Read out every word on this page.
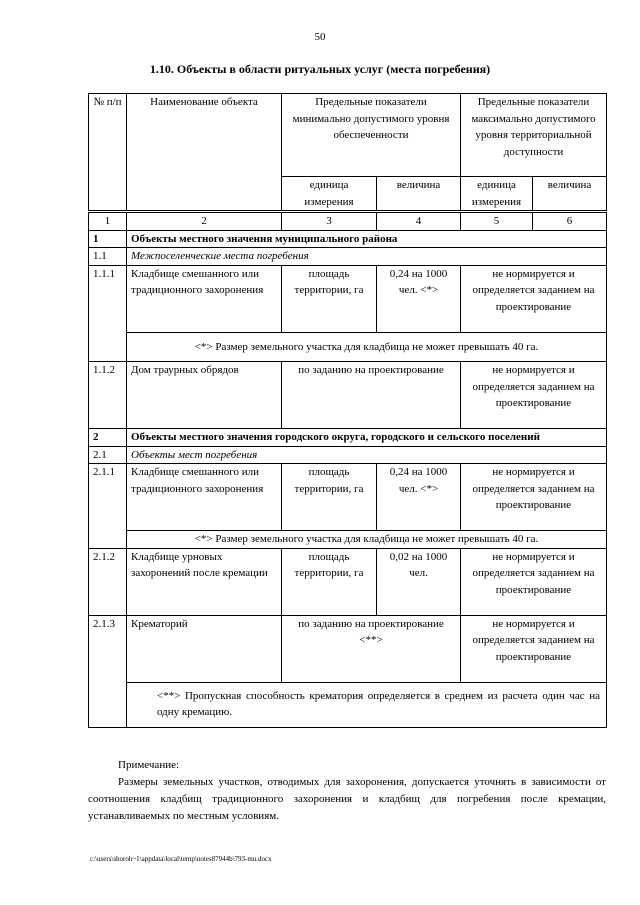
50
1.10. Объекты в области ритуальных услуг (места погребения)
№ п/п	Наименование объекта	Предельные показатели минимально допустимого уровня обеспеченности		Предельные показатели максимально допустимого уровня территориальной доступности	
		единица измерения	величина	единица измерения	величина
1	2	3	4	5	6
1	Объекты местного значения муниципального района				
1.1	Межпоселенческие места погребения				
1.1.1	Кладбище смешанного или традиционного захоронения	площадь территории, га	0,24 на 1000 чел. <*>	не нормируется и определяется заданием на проектирование	
	<*> Размер земельного участка для кладбища не может превышать 40 га.				
1.1.2	Дом траурных обрядов	по заданию на проектирование		не нормируется и определяется заданием на проектирование	
2	Объекты местного значения городского округа, городского и сельского поселений				
2.1	Объекты мест погребения				
2.1.1	Кладбище смешанного или традиционного захоронения	площадь территории, га	0,24 на 1000 чел. <*>	не нормируется и определяется заданием на проектирование	
	<*> Размер земельного участка для кладбища не может превышать 40 га.				
2.1.2	Кладбище урновых захоронений после кремации	площадь территории, га	0,02 на 1000 чел.	не нормируется и определяется заданием на проектирование	
2.1.3	Крематорий	по заданию на проектирование <**>		не нормируется и определяется заданием на проектирование	
	<**> Пропускная способность крематория определяется в среднем из расчета один час на одну кремацию.				

Примечание:

Размеры земельных участков, отводимых для захоронения, допускается уточнять в зависимости от соотношения кладбищ традиционного захоронения и кладбищ для погребения после кремации, устанавливаемых по местным условиям.

c:\users\shoroh~1\appdata\local\temp\notes87944b\793-mu.docx
